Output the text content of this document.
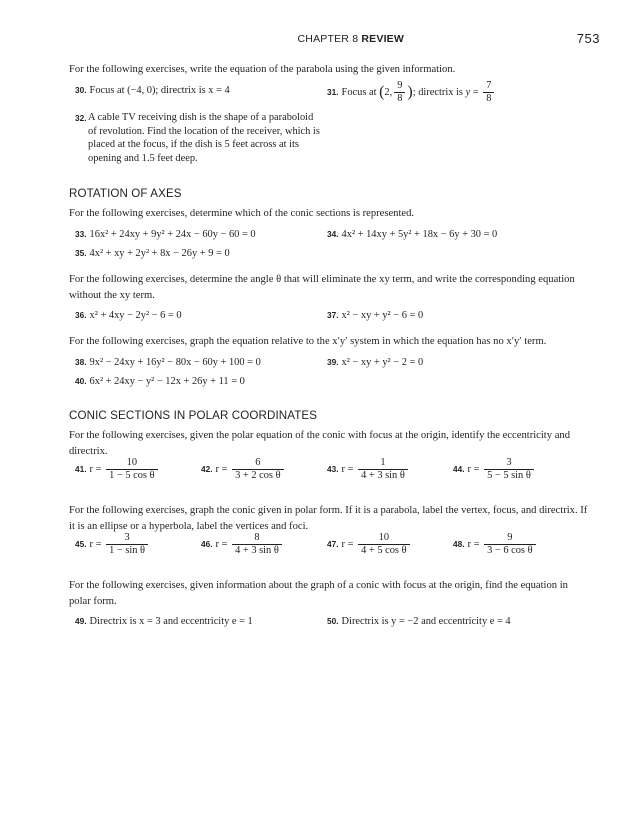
CHAPTER 8 REVIEW	753
For the following exercises, write the equation of the parabola using the given information.
30. Focus at (−4, 0); directrix is x = 4	31. Focus at (2, $\frac{9}{8}$ ); directrix is $y = \frac{7}{8}$
32. A cable TV receiving dish is the shape of a paraboloid of revolution. Find the location of the receiver, which is placed at the focus, if the dish is 5 feet across at its opening and 1.5 feet deep.
ROTATION OF AXES
For the following exercises, determine which of the conic sections is represented.
33. 16x² + 24xy + 9y² + 24x − 60y − 60 = 0	34. 4x² + 14xy + 5y² + 18x − 6y + 30 = 0
35. 4x² + xy + 2y² + 8x − 26y + 9 = 0
For the following exercises, determine the angle θ that will eliminate the xy term, and write the corresponding equation without the xy term.
36. x² + 4xy − 2y² − 6 = 0	37. x² − xy + y² − 6 = 0
For the following exercises, graph the equation relative to the x′y′ system in which the equation has no x′y′ term.
38. 9x² − 24xy + 16y² − 80x − 60y + 100 = 0	39. x² − xy + y² − 2 = 0
40. 6x² + 24xy − y² − 12x + 26y + 11 = 0
CONIC SECTIONS IN POLAR COORDINATES
For the following exercises, given the polar equation of the conic with focus at the origin, identify the eccentricity and directrix.
41. $r = \frac{10}{\text{1 − 5 cos θ}}$	42. $r = \frac{6}{\text{3 + 2 cos θ}}$	43. $r = \frac{1}{\text{4 + 3 sin θ}}$	44. $r = \frac{3}{\text{5 − 5 sin θ}}$
For the following exercises, graph the conic given in polar form. If it is a parabola, label the vertex, focus, and directrix. If it is an ellipse or a hyperbola, label the vertices and foci.
45. $r = \frac{3}{\text{1 − sin θ}}$	46. $r = \frac{8}{\text{4 + 3 sin θ}}$	47. $r = \frac{10}{\text{4 + 5 cos θ}}$	48. $r = \frac{9}{\text{3 − 6 cos θ}}$
For the following exercises, given information about the graph of a conic with focus at the origin, find the equation in polar form.
49. Directrix is x = 3 and eccentricity e = 1	50. Directrix is y = −2 and eccentricity e = 4
